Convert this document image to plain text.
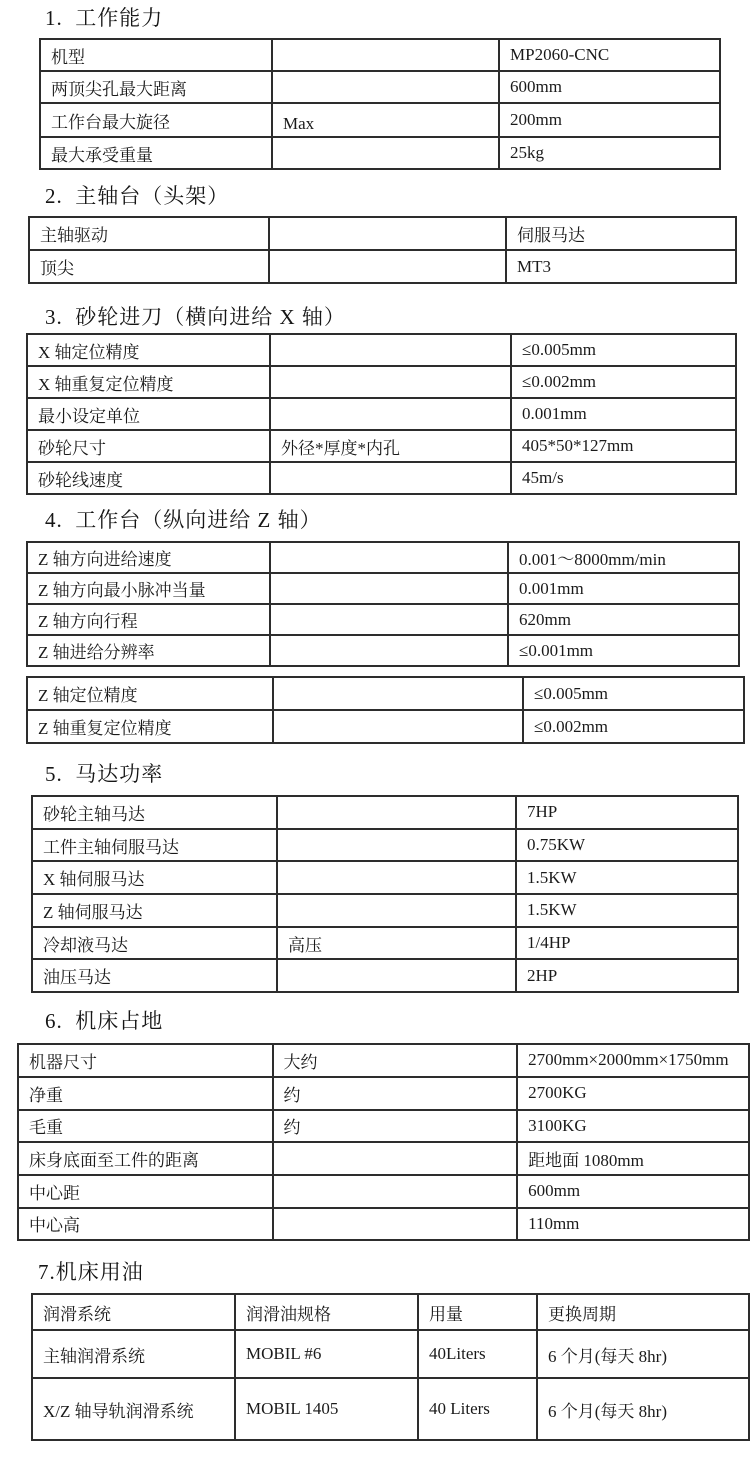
1.  工作能力
机型		MP2060-CNC
两顶尖孔最大距离		600mm
工作台最大旋径	Max	200mm
最大承受重量		25kg
2.  主轴台（头架）
主轴驱动		伺服马达
顶尖		MT3
3.  砂轮进刀（横向进给 X 轴）
X 轴定位精度		≤0.005mm
X 轴重复定位精度		≤0.002mm
最小设定单位		0.001mm
砂轮尺寸	外径*厚度*内孔	405*50*127mm
砂轮线速度		45m/s
4.  工作台（纵向进给 Z 轴）
Z 轴方向进给速度		0.001～8000mm/min
Z 轴方向最小脉冲当量		0.001mm
Z 轴方向行程		620mm
Z 轴进给分辨率		≤0.001mm
Z 轴定位精度		≤0.005mm
Z 轴重复定位精度		≤0.002mm
5.  马达功率
砂轮主轴马达		7HP
工件主轴伺服马达		0.75KW
X 轴伺服马达		1.5KW
Z 轴伺服马达		1.5KW
冷却液马达	高压	1/4HP
油压马达		2HP
6.  机床占地
机器尺寸	大约	2700mm×2000mm×1750mm
净重	约	2700KG
毛重	约	3100KG
床身底面至工件的距离		距地面 1080mm
中心距		600mm
中心高		110mm
7.机床用油
润滑系统	润滑油规格	用量	更换周期
主轴润滑系统	MOBIL #6	40Liters	6 个月(每天 8hr)
X/Z 轴导轨润滑系统	MOBIL 1405	40 Liters	6 个月(每天 8hr)
